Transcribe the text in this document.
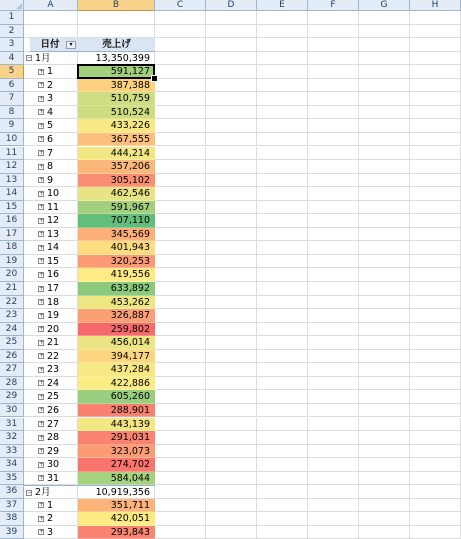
A	B	C	D	E	F	G	H
1
2
3
4
5
6
7
8
9
10
11
12
13
14
15
16
17
18
19
20
21
22
23
24
25
26
27
28
29
30
31
32
33
34
35
36
37
38
39
日付	▾	売上げ
− 1月	13,350,399
+ 1	591,127
+ 2	387,388
+ 3	510,759
+ 4	510,524
+ 5	433,226
+ 6	367,555
+ 7	444,214
+ 8	357,206
+ 9	305,102
+ 10	462,546
+ 11	591,967
+ 12	707,110
+ 13	345,569
+ 14	401,943
+ 15	320,253
+ 16	419,556
+ 17	633,892
+ 18	453,262
+ 19	326,887
+ 20	259,802
+ 21	456,014
+ 22	394,177
+ 23	437,284
+ 24	422,886
+ 25	605,260
+ 26	288,901
+ 27	443,139
+ 28	291,031
+ 29	323,073
+ 30	274,702
+ 31	584,044
− 2月	10,919,356
+ 1	351,711
+ 2	420,051
+ 3	293,843
